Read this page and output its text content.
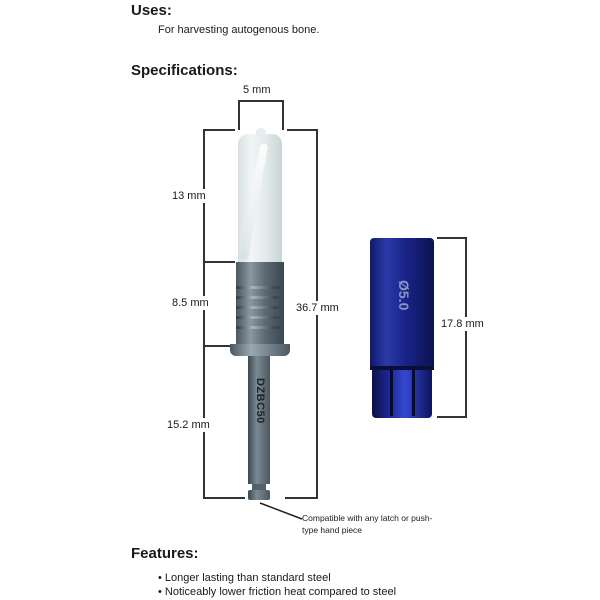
Uses:
For harvesting autogenous bone.
Specifications:
5 mm
13 mm
8.5 mm
15.2 mm
36.7 mm
DZBC50
Compatible with any latch or push-type hand piece
Ø5.0
17.8 mm
Features:
• Longer lasting than standard steel
• Noticeably lower friction heat compared to steel
